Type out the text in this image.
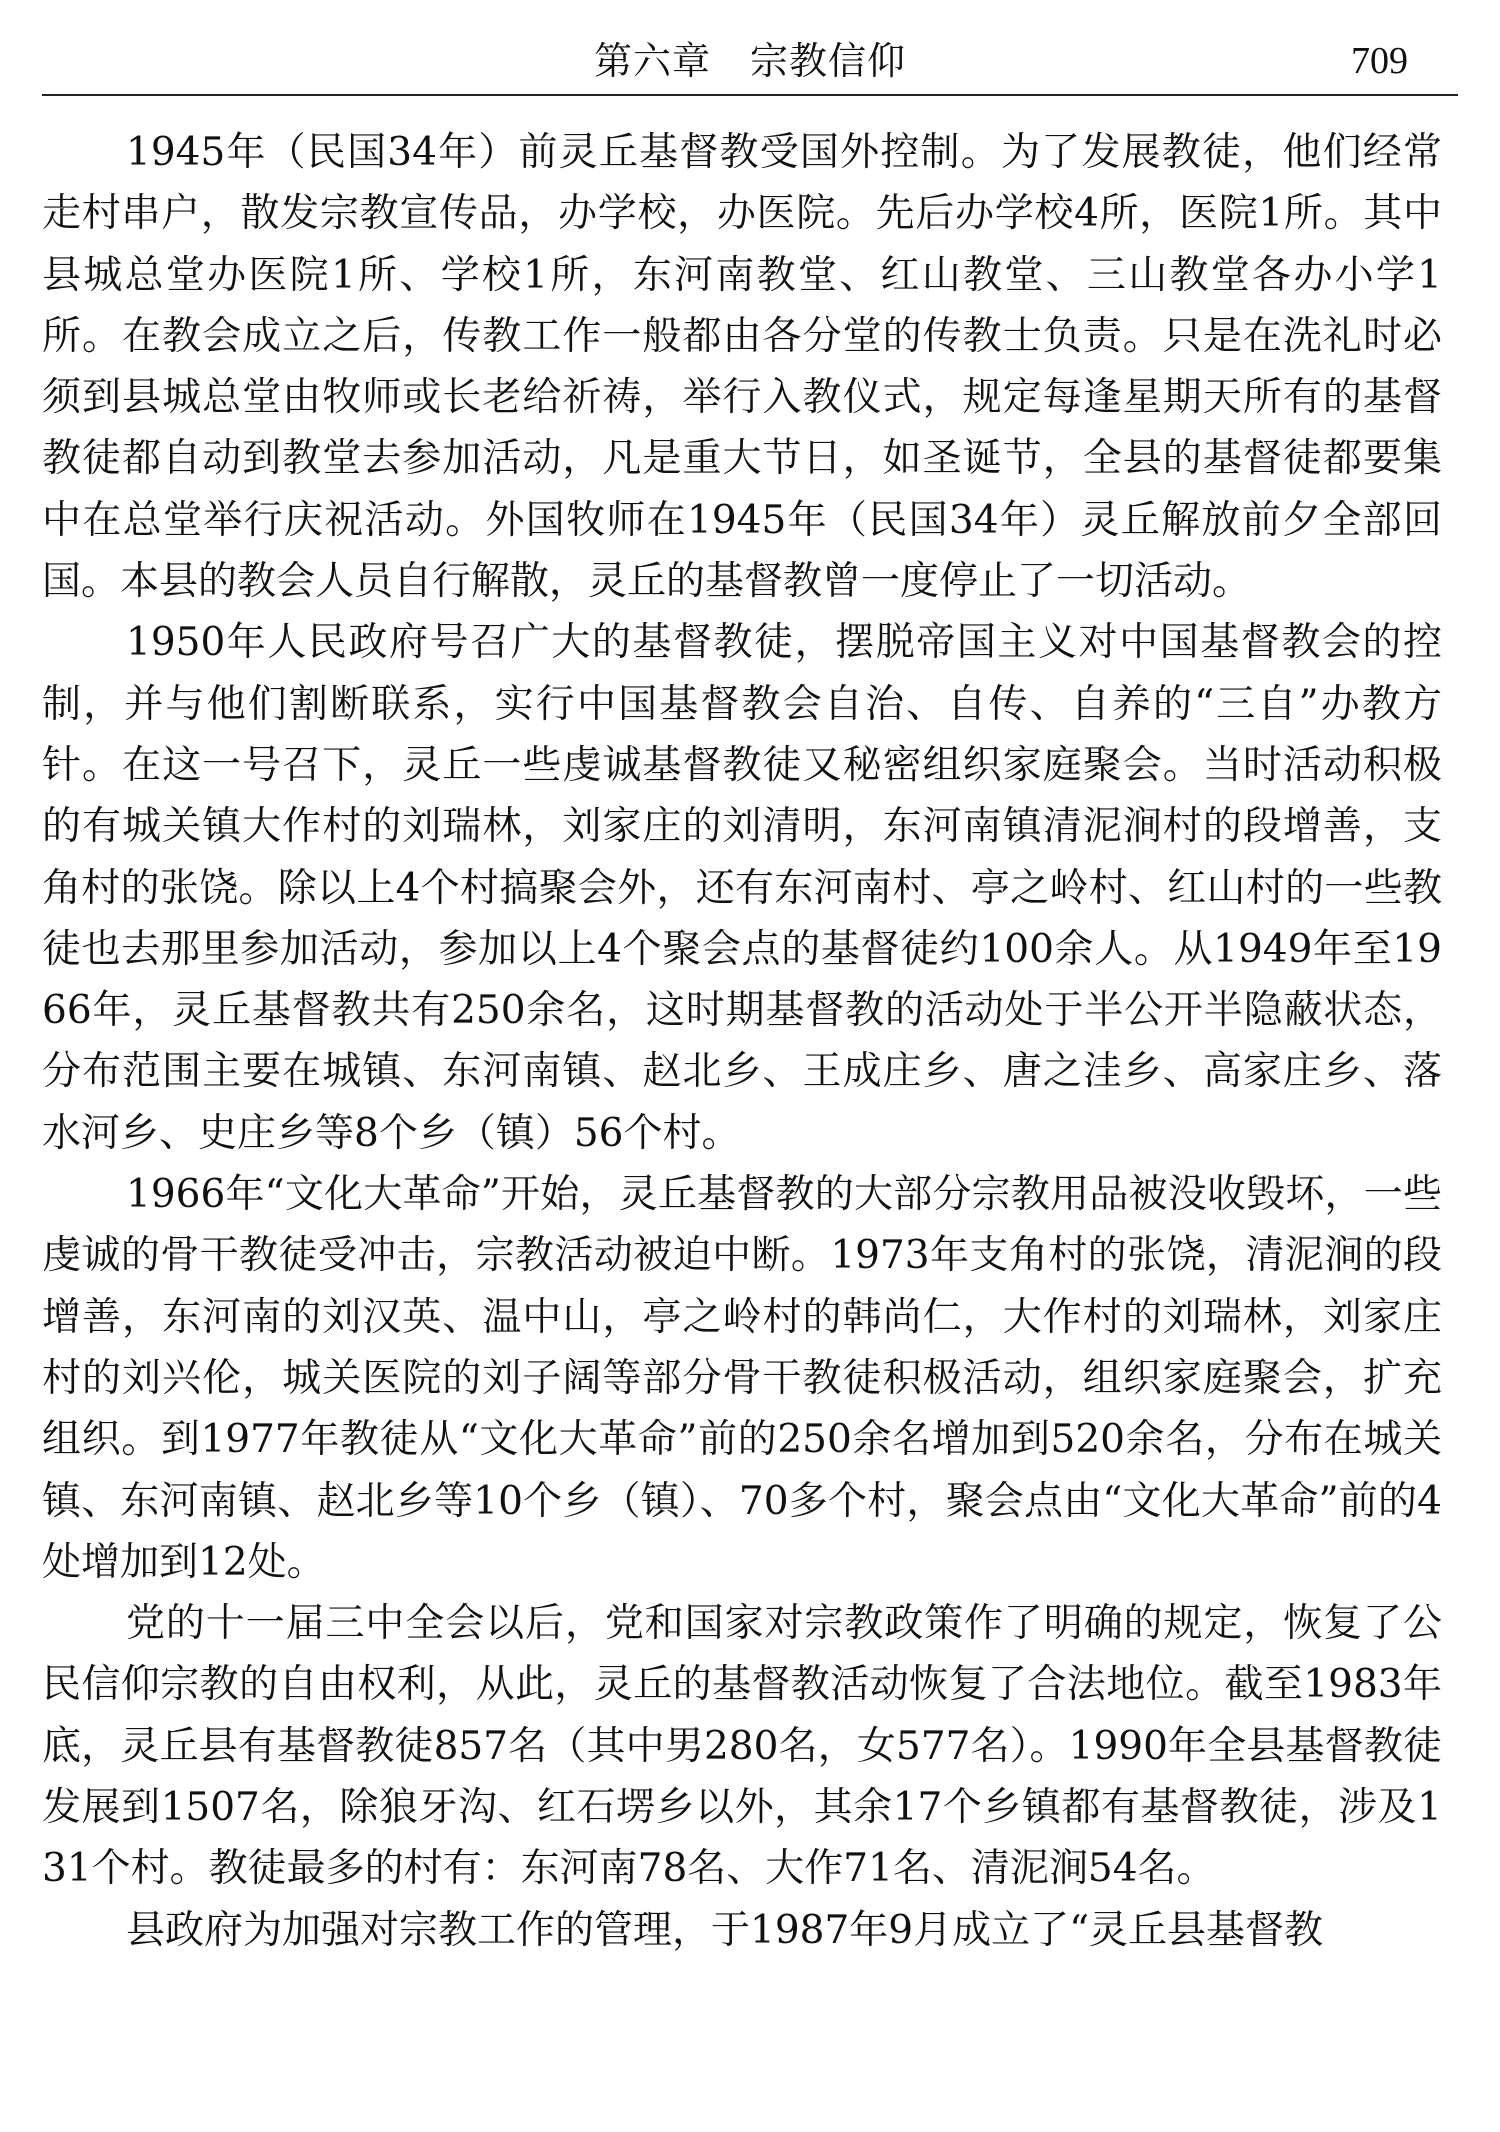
第六章　宗教信仰	709

1945年（民国34年）前灵丘基督教受国外控制。为了发展教徒，他们经常走村串户，散发宗教宣传品，办学校，办医院。先后办学校4所，医院1所。其中县城总堂办医院1所、学校1所，东河南教堂、红山教堂、三山教堂各办小学1所。在教会成立之后，传教工作一般都由各分堂的传教士负责。只是在洗礼时必须到县城总堂由牧师或长老给祈祷，举行入教仪式，规定每逢星期天所有的基督教徒都自动到教堂去参加活动，凡是重大节日，如圣诞节，全县的基督徒都要集中在总堂举行庆祝活动。外国牧师在1945年（民国34年）灵丘解放前夕全部回国。本县的教会人员自行解散，灵丘的基督教曾一度停止了一切活动。

1950年人民政府号召广大的基督教徒，摆脱帝国主义对中国基督教会的控制，并与他们割断联系，实行中国基督教会自治、自传、自养的“三自”办教方针。在这一号召下，灵丘一些虔诚基督教徒又秘密组织家庭聚会。当时活动积极的有城关镇大作村的刘瑞林，刘家庄的刘清明，东河南镇清泥涧村的段增善，支角村的张饶。除以上4个村搞聚会外，还有东河南村、亭之岭村、红山村的一些教徒也去那里参加活动，参加以上4个聚会点的基督徒约100余人。从1949年至1966年，灵丘基督教共有250余名，这时期基督教的活动处于半公开半隐蔽状态，分布范围主要在城镇、东河南镇、赵北乡、王成庄乡、唐之洼乡、高家庄乡、落水河乡、史庄乡等8个乡（镇）56个村。

1966年“文化大革命”开始，灵丘基督教的大部分宗教用品被没收毁坏，一些虔诚的骨干教徒受冲击，宗教活动被迫中断。1973年支角村的张饶，清泥涧的段增善，东河南的刘汉英、温中山，亭之岭村的韩尚仁，大作村的刘瑞林，刘家庄村的刘兴伦，城关医院的刘子阔等部分骨干教徒积极活动，组织家庭聚会，扩充组织。到1977年教徒从“文化大革命”前的250余名增加到520余名，分布在城关镇、东河南镇、赵北乡等10个乡（镇）、70多个村，聚会点由“文化大革命”前的4处增加到12处。

党的十一届三中全会以后，党和国家对宗教政策作了明确的规定，恢复了公民信仰宗教的自由权利，从此，灵丘的基督教活动恢复了合法地位。截至1983年底，灵丘县有基督教徒857名（其中男280名，女577名）。1990年全县基督教徒发展到1507名，除狼牙沟、红石塄乡以外，其余17个乡镇都有基督教徒，涉及131个村。教徒最多的村有：东河南78名、大作71名、清泥涧54名。

县政府为加强对宗教工作的管理，于1987年9月成立了“灵丘县基督教
